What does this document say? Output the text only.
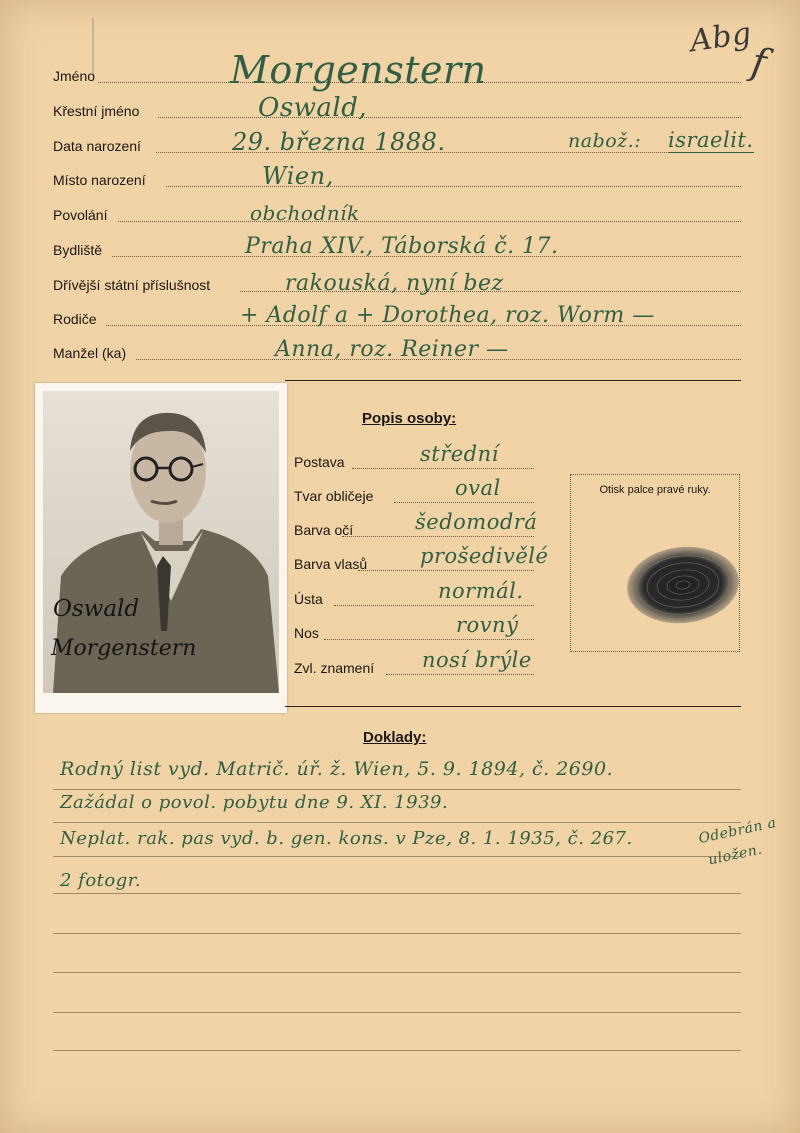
Abg
f
Jméno	Morgenstern
Křestní jméno	Oswald,
Data narození	29. března 1888.
Místo narození	Wien,
Povolání	obchodník
Bydliště	Praha XIV., Táborská č. 17.
Dřívější státní příslušnost	rakouská, nyní bez
Rodiče	+ Adolf a + Dorothea, roz. Worm —
Manžel (ka)	Anna, roz. Reiner —
nabož.: israelit.
Oswald
Morgenstern
Popis osoby:
Postava	střední
Tvar obličeje	oval
Barva očí	šedomodrá
Barva vlasů	prošedivělé
Ústa	normál.
Nos	rovný
Zvl. znamení nosí brýle
Otisk palce pravé ruky.
Doklady:
Rodný list vyd. Matrič. úř. ž. Wien, 5. 9. 1894, č. 2690.
Zažádal o povol. pobytu dne 9. XI. 1939.
Neplat. rak. pas vyd. b. gen. kons. v Pze, 8. 1. 1935, č. 267.
2 fotogr.
Odebrán a
uložen.
